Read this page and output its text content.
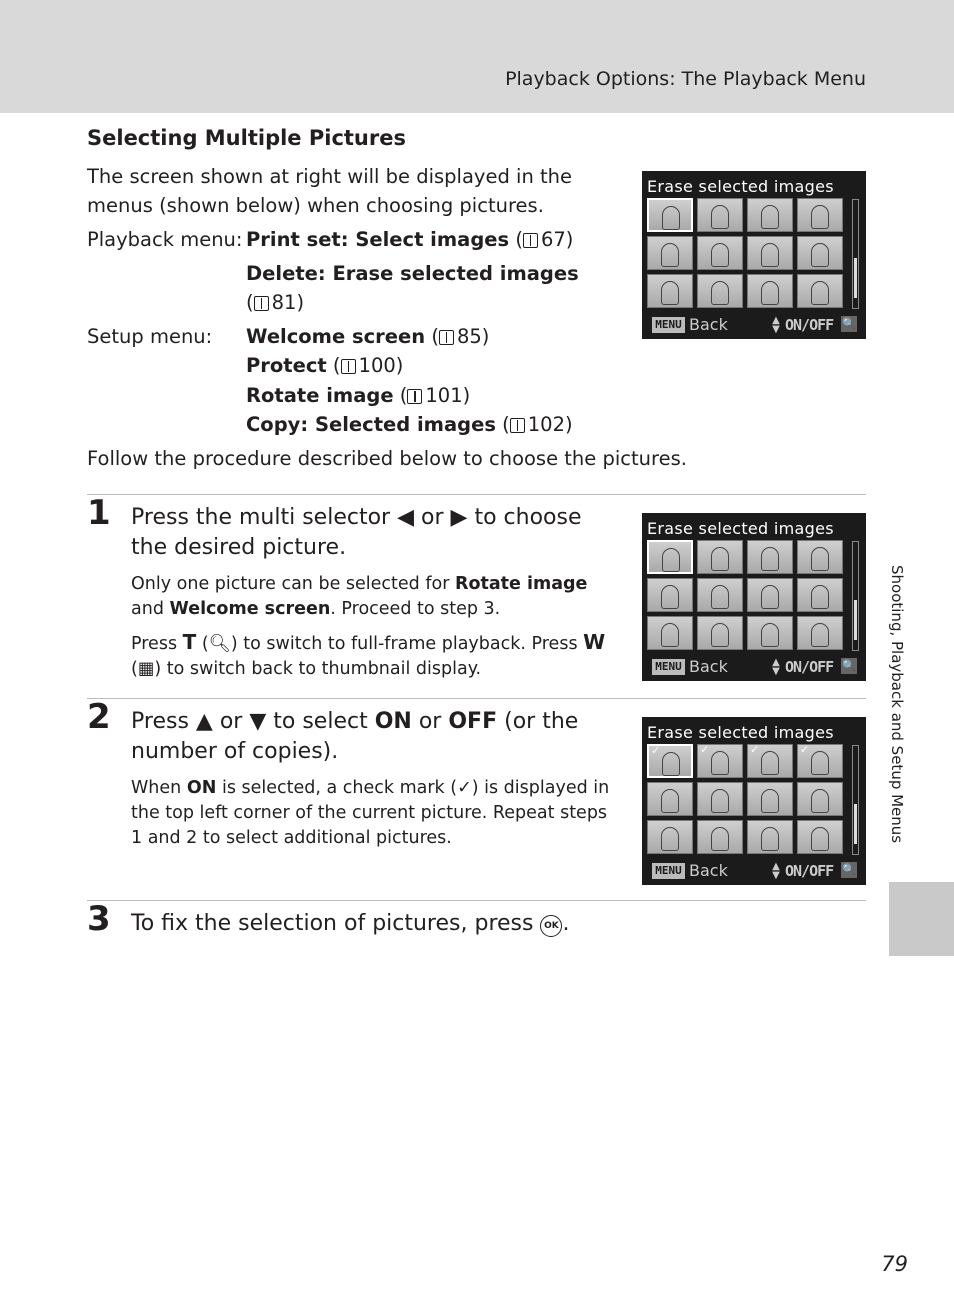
Playback Options: The Playback Menu
Shooting, Playback and Setup Menus
Selecting Multiple Pictures
The screen shown at right will be displayed in the menus (shown below) when choosing pictures.
Playback menu: Print set: Select images ( 67)
Delete: Erase selected images
( 81)
Setup menu: Welcome screen ( 85)
Protect ( 100)
Rotate image ( 101)
Copy: Selected images ( 102)
Follow the procedure described below to choose the pictures.
Erase selected images
MENU Back	▲
▼ ON/OFF 🔍
1 Press the multi selector ◀ or ▶ to choose the desired picture.
Only one picture can be selected for Rotate image and Welcome screen. Proceed to step 3.
Press T (🔍︎) to switch to full-frame playback. Press W (▦) to switch back to thumbnail display.
Erase selected images
MENU Back	▲
▼ ON/OFF 🔍
2 Press ▲ or ▼ to select ON or OFF (or the number of copies).
When ON is selected, a check mark (✓) is displayed in the top left corner of the current picture. Repeat steps 1 and 2 to select additional pictures.
Erase selected images
✓	✓	✓	✓
MENU Back	▲
▼ ON/OFF 🔍
3 To fix the selection of pictures, press OK .
79
